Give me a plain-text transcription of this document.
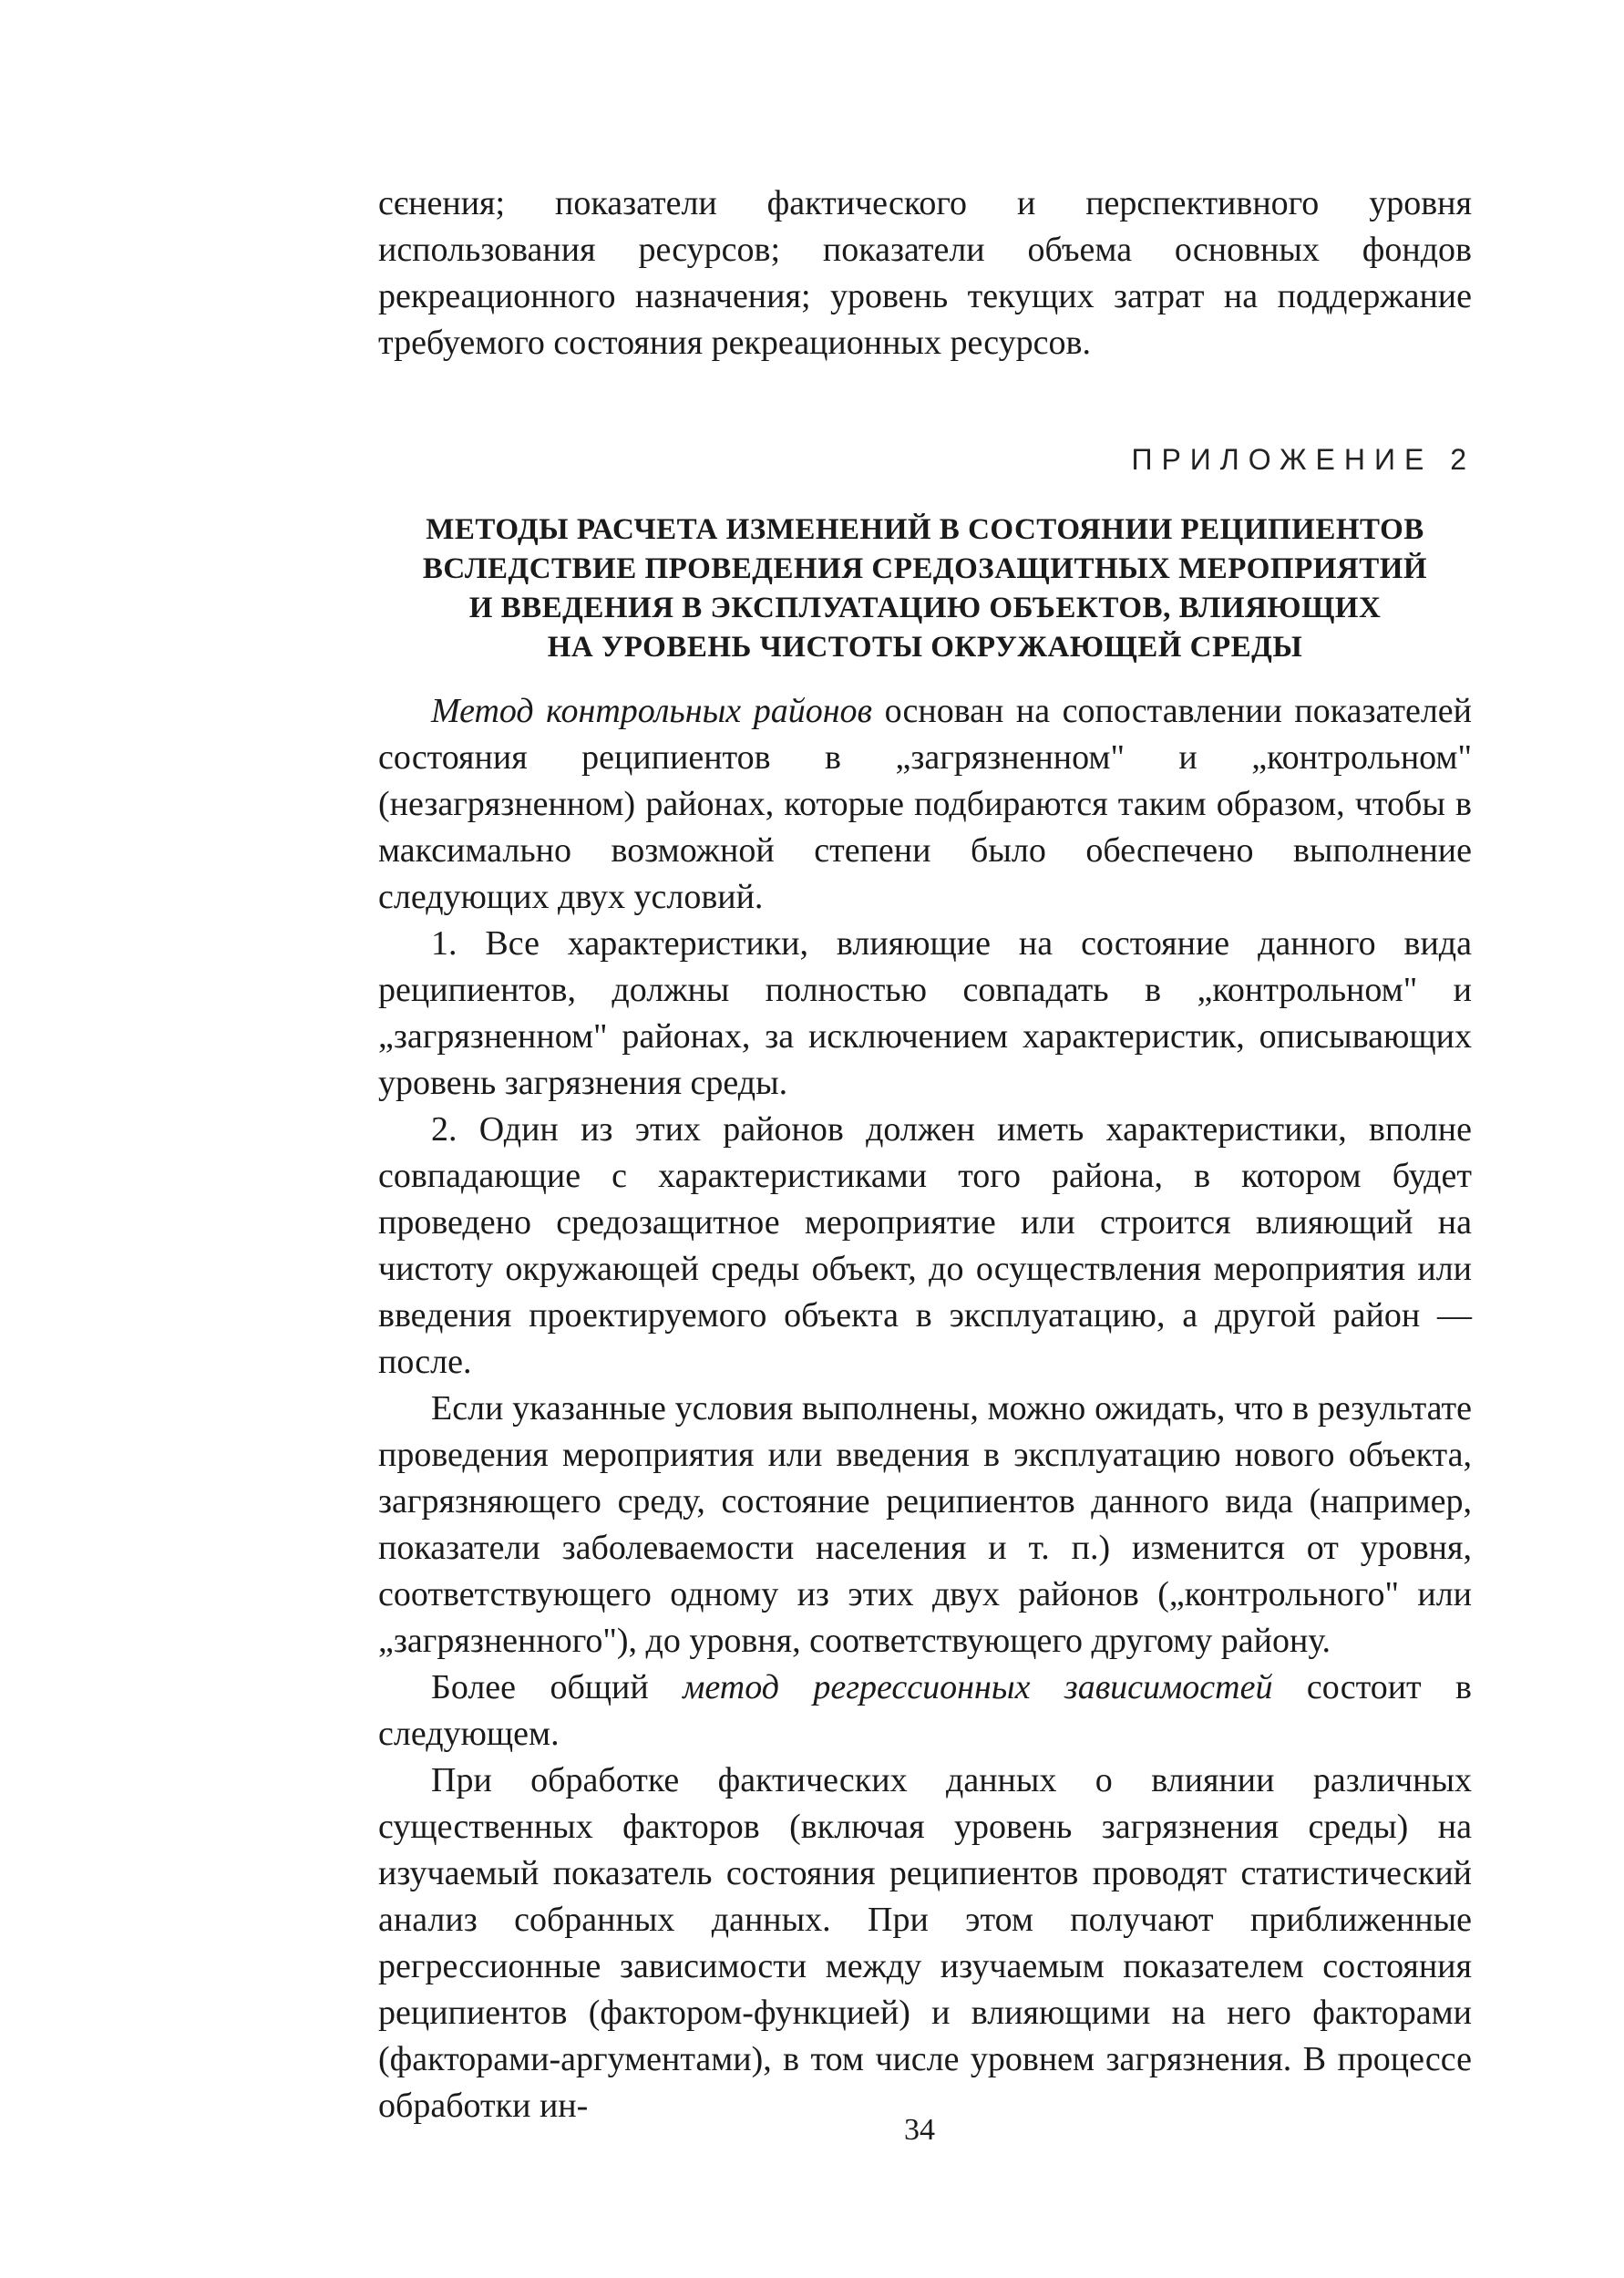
сєнения; показатели фактического и перспективного уровня использования ресурсов; показатели объема основных фондов рекреационного назначения; уровень текущих затрат на поддержание требуемого состояния рекреационных ресурсов.

ПРИЛОЖЕНИЕ 2
МЕТОДЫ РАСЧЕТА ИЗМЕНЕНИЙ В СОСТОЯНИИ РЕЦИПИЕНТОВ
ВСЛЕДСТВИЕ ПРОВЕДЕНИЯ СРЕДОЗАЩИТНЫХ МЕРОПРИЯТИЙ
И ВВЕДЕНИЯ В ЭКСПЛУАТАЦИЮ ОБЪЕКТОВ, ВЛИЯЮЩИХ
НА УРОВЕНЬ ЧИСТОТЫ ОКРУЖАЮЩЕЙ СРЕДЫ

Метод контрольных районов основан на сопоставлении показателей состояния реципиентов в „загрязненном" и „контрольном" (незагрязненном) районах, которые подбираются таким образом, чтобы в максимально возможной степени было обеспечено выполнение следующих двух условий.

1. Все характеристики, влияющие на состояние данного вида реципиентов, должны полностью совпадать в „контрольном" и „загрязненном" районах, за исключением характеристик, описывающих уровень загрязнения среды.

2. Один из этих районов должен иметь характеристики, вполне совпадающие с характеристиками того района, в котором будет проведено средозащитное мероприятие или строится влияющий на чистоту окружающей среды объект, до осуществления мероприятия или введения проектируемого объекта в эксплуатацию, а другой район — после.

Если указанные условия выполнены, можно ожидать, что в результате проведения мероприятия или введения в эксплуатацию нового объекта, загрязняющего среду, состояние реципиентов данного вида (например, показатели заболеваемости населения и т. п.) изменится от уровня, соответствующего одному из этих двух районов („контрольного" или „загрязненного"), до уровня, соответствующего другому району.

Более общий метод регрессионных зависимостей состоит в следующем.

При обработке фактических данных о влиянии различных существенных факторов (включая уровень загрязнения среды) на изучаемый показатель состояния реципиентов проводят статистический анализ собранных данных. При этом получают приближенные регрессионные зависимости между изучаемым показателем состояния реципиентов (фактором-функцией) и влияющими на него факторами (факторами-аргументами), в том числе уровнем загрязнения. В процессе обработки ин-

34
